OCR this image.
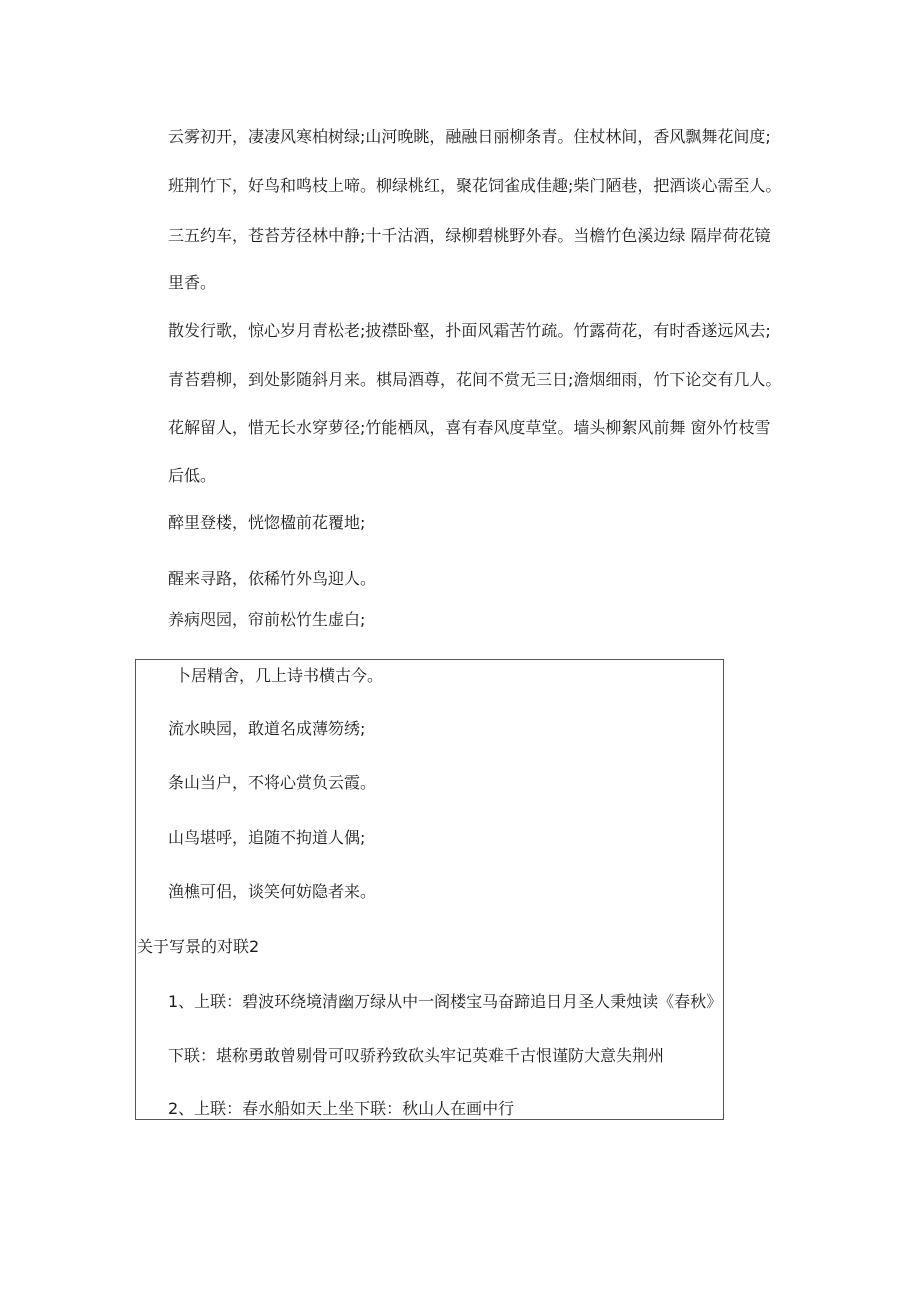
云雾初开，凄凄风寒柏树绿;山河晚眺，融融日丽柳条青。住杖林间，香风飘舞花间度;
班荆竹下，好鸟和鸣枝上啼。柳绿桃红，聚花饲雀成佳趣;柴门陋巷，把酒谈心需至人。
三五约车，苍苔芳径林中静;十千沽酒，绿柳碧桃野外春。当檐竹色溪边绿 隔岸荷花镜
里香。
散发行歌，惊心岁月青松老;披襟卧壑，扑面风霜苦竹疏。竹露荷花，有时香遂远风去;
青苔碧柳，到处影随斜月来。棋局酒尊，花间不赏无三日;澹烟细雨，竹下论交有几人。
花解留人，惜无长水穿萝径;竹能栖凤，喜有春风度草堂。墙头柳絮风前舞 窗外竹枝雪
后低。
醉里登楼，恍惚楹前花覆地;
醒来寻路，依稀竹外鸟迎人。
养病咫园，帘前松竹生虚白;
卜居精舍，几上诗书横古今。
流水映园，敢道名成薄笏绣;
条山当户，不将心赏负云霞。
山鸟堪呼，追随不拘道人偶;
渔樵可侣，谈笑何妨隐者来。
关于写景的对联2
1、上联：碧波环绕境清幽万绿从中一阁楼宝马奋蹄追日月圣人秉烛读《春秋》
下联：堪称勇敢曾剔骨可叹骄矜致砍头牢记英难千古恨谨防大意失荆州
2、上联：春水船如天上坐下联：秋山人在画中行
